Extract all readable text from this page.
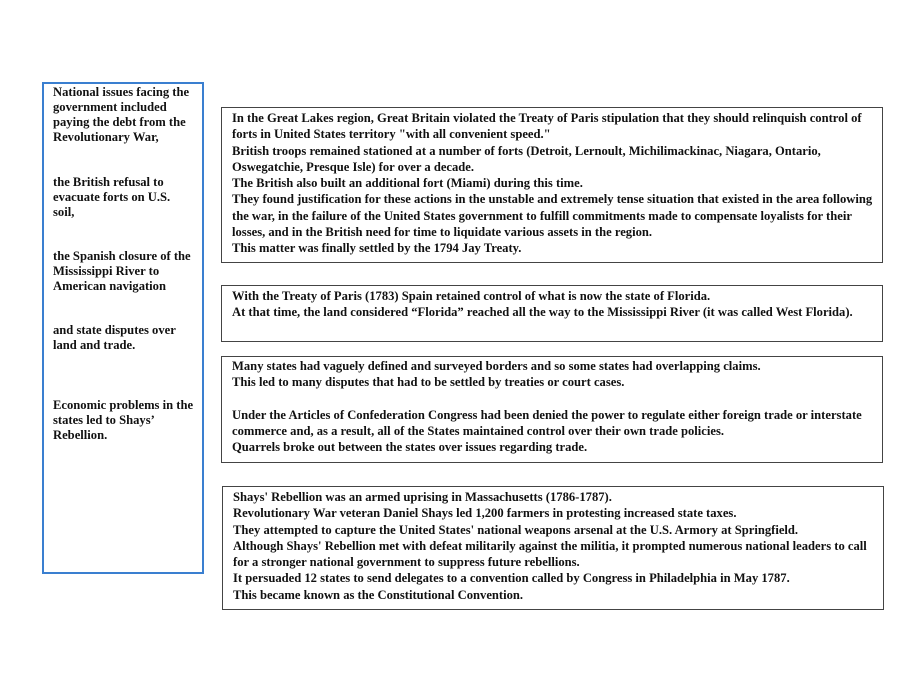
National issues facing the government included paying the debt from the Revolutionary War,

the British refusal to evacuate forts on U.S. soil,

the Spanish closure of the Mississippi River to American navigation

and state disputes over land and trade.

Economic problems in the states led to Shays’ Rebellion.

In the Great Lakes region, Great Britain violated the Treaty of Paris stipulation that they should relinquish control of forts in United States territory "with all convenient speed."

British troops remained stationed at a number of forts (Detroit, Lernoult, Michilimackinac, Niagara, Ontario, Oswegatchie, Presque Isle) for over a decade.

The British also built an additional fort (Miami) during this time.

They found justification for these actions in the unstable and extremely tense situation that existed in the area following the war, in the failure of the United States government to fulfill commitments made to compensate loyalists for their losses, and in the British need for time to liquidate various assets in the region.

This matter was finally settled by the 1794 Jay Treaty.

With the Treaty of Paris (1783) Spain retained control of what is now the state of Florida.

At that time, the land considered “Florida” reached all the way to the Mississippi River (it was called West Florida).

Many states had vaguely defined and surveyed borders and so some states had overlapping claims.

This led to many disputes that had to be settled by treaties or court cases.

Under the Articles of Confederation Congress had been denied the power to regulate either foreign trade or interstate commerce and, as a result, all of the States maintained control over their own trade policies.

Quarrels broke out between the states over issues regarding trade.

Shays' Rebellion was an armed uprising in Massachusetts (1786-1787).

Revolutionary War veteran Daniel Shays led 1,200 farmers in protesting increased state taxes.

They attempted to capture the United States' national weapons arsenal at the U.S. Armory at Springfield.

Although Shays' Rebellion met with defeat militarily against the militia, it prompted numerous national leaders to call for a stronger national government to suppress future rebellions.

It persuaded 12 states to send delegates to a convention called by Congress in Philadelphia in May 1787.

This became known as the Constitutional Convention.
